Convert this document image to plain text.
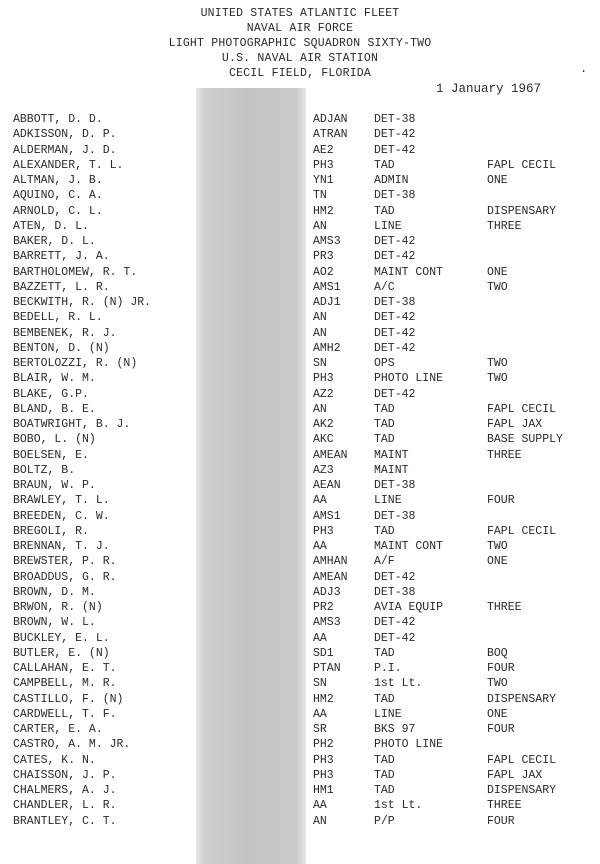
UNITED STATES ATLANTIC FLEET
NAVAL AIR FORCE
LIGHT PHOTOGRAPHIC SQUADRON SIXTY-TWO
U.S. NAVAL AIR STATION
CECIL FIELD, FLORIDA
1 January 1967
.
ABBOTT, D. D.	ADJAN DET-38
ADKISSON, D. P.	ATRAN DET-42
ALDERMAN, J. D.	AE2	DET-42
ALEXANDER, T. L.	PH3	TAD	FAPL CECIL
ALTMAN, J. B.	YN1	ADMIN	ONE
AQUINO, C. A.	TN	DET-38
ARNOLD, C. L.	HM2	TAD	DISPENSARY
ATEN, D. L.	AN	LINE	THREE
BAKER, D. L.	AMS3	DET-42
BARRETT, J. A.	PR3	DET-42
BARTHOLOMEW, R. T.	AO2	MAINT CONT	ONE
BAZZETT, L. R.	AMS1	A/C	TWO
BECKWITH, R. (N) JR.	ADJ1	DET-38
BEDELL, R. L.	AN	DET-42
BEMBENEK, R. J.	AN	DET-42
BENTON, D. (N)	AMH2	DET-42
BERTOLOZZI, R. (N)	SN	OPS	TWO
BLAIR, W. M.	PH3	PHOTO LINE	TWO
BLAKE, G.P.	AZ2	DET-42
BLAND, B. E.	AN	TAD	FAPL CECIL
BOATWRIGHT, B. J.	AK2	TAD	FAPL JAX
BOBO, L. (N)	AKC	TAD	BASE SUPPLY
BOELSEN, E.	AMEAN MAINT	THREE
BOLTZ, B.	AZ3	MAINT
BRAUN, W. P.	AEAN	DET-38
BRAWLEY, T. L.	AA	LINE	FOUR
BREEDEN, C. W.	AMS1	DET-38
BREGOLI, R.	PH3	TAD	FAPL CECIL
BRENNAN, T. J.	AA	MAINT CONT	TWO
BREWSTER, P. R.	AMHAN A/F	ONE
BROADDUS, G. R.	AMEAN DET-42
BROWN, D. M.	ADJ3	DET-38
BRWON, R. (N)	PR2	AVIA EQUIP	THREE
BROWN, W. L.	AMS3	DET-42
BUCKLEY, E. L.	AA	DET-42
BUTLER, E. (N)	SD1	TAD	BOQ
CALLAHAN, E. T.	PTAN	P.I.	FOUR
CAMPBELL, M. R.	SN	1st Lt.	TWO
CASTILLO, F. (N)	HM2	TAD	DISPENSARY
CARDWELL, T. F.	AA	LINE	ONE
CARTER, E. A.	SR	BKS 97	FOUR
CASTRO, A. M. JR.	PH2	PHOTO LINE
CATES, K. N.	PH3	TAD	FAPL CECIL
CHAISSON, J. P.	PH3	TAD	FAPL JAX
CHALMERS, A. J.	HM1	TAD	DISPENSARY
CHANDLER, L. R.	AA	1st Lt.	THREE
BRANTLEY, C. T.	AN	P/P	FOUR
